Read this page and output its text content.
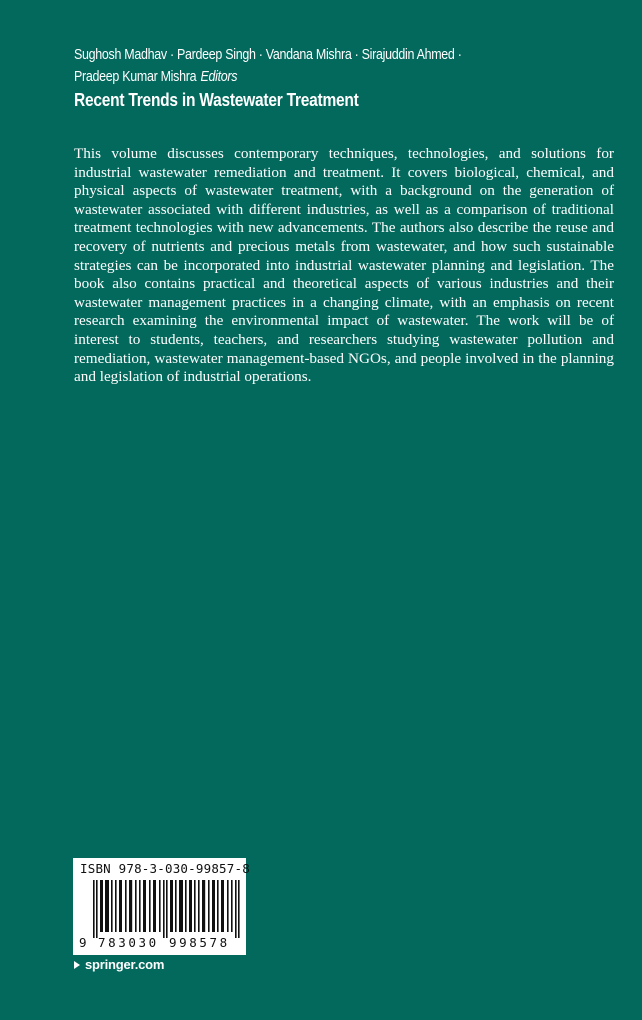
Sughosh Madhav · Pardeep Singh · Vandana Mishra · Sirajuddin Ahmed ·
Pradeep Kumar Mishra Editors
Recent Trends in Wastewater Treatment

This volume discusses contemporary techniques, technologies, and solutions for industrial wastewater remediation and treatment. It covers biological, chemical, and physical aspects of wastewater treatment, with a background on the generation of wastewater associated with different industries, as well as a comparison of traditional treatment technologies with new advancements. The authors also describe the reuse and recovery of nutrients and precious metals from wastewater, and how such sustainable strategies can be incorporated into industrial wastewater planning and legislation. The book also contains practical and theoretical aspects of various industries and their wastewater management practices in a changing climate, with an emphasis on recent research examining the environmental impact of wastewater. The work will be of interest to students, teachers, and researchers studying wastewater pollution and remediation, wastewater management-based NGOs, and people involved in the planning and legislation of industrial operations.

ISBN 978-3-030-99857-8
9 783030 998578
springer.com
